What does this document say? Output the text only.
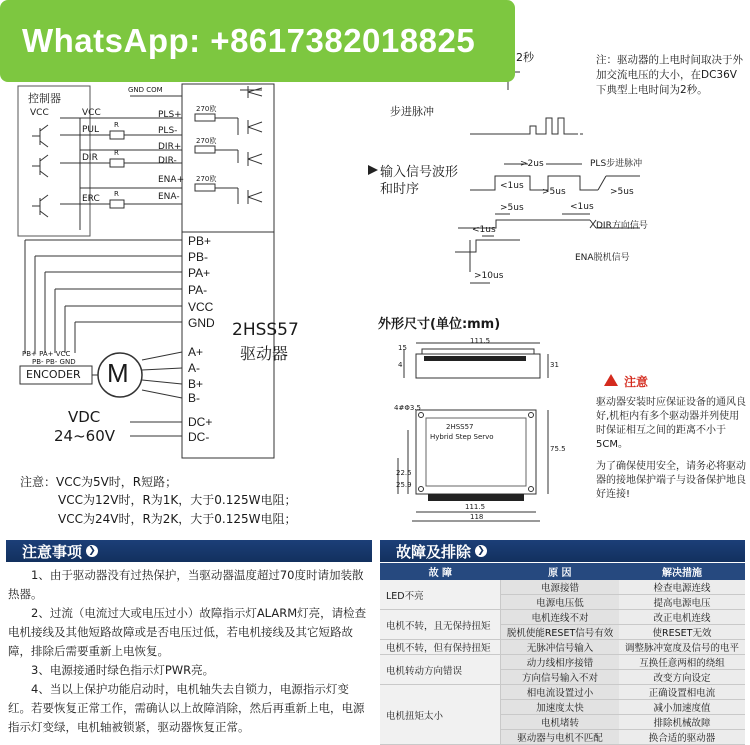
WhatsApp: +8617382018825
控制器
GND COM
VCC	VCC
PUL
DIR
ERC
R
R
R
PLS+
PLS-
DIR+
DIR-
ENA+
ENA-
270欧
270欧
270欧
PB+
PB-
PA+
PA-
VCC
GND
A+
A-
B+
B-
DC+
DC-
2HSS57
驱动器
PB+ PA+ VCC
PB- PB- GND
ENCODER M
VDC
24~60V
注意：VCC为5V时，R短路；
VCC为12V时，R为1K，大于0.125W电阻；
VCC为24V时，R为2K，大于0.125W电阻；
2秒
步进脉冲
注：驱动器的上电时间取决于外加交流电压的大小，在DC36V下典型上电时间为2秒。
输入信号波形和时序
>2us	PLS步进脉冲
<1us
>5us	>5us
>5us	<1us
DIR方向信号
<1us
ENA脱机信号
>10us
外形尺寸(单位:mm)
111.5
15
31
4
4#Φ3.5
2HSS57
Hybrid Step Servo
75.5
22.5
25.9
111.5
118
注意
驱动器安装时应保证设备的通风良好,机柜内有多个驱动器并列使用时保证相互之间的距离不小于5CM。
为了确保使用安全，请务必将驱动器的接地保护端子与设备保护地良好连接!
注意事项 ❯

1、由于驱动器没有过热保护，当驱动器温度超过70度时请加装散热器。

2、过流（电流过大或电压过小）故障指示灯ALARM灯亮，请检查电机接线及其他短路故障或是否电压过低，若电机接线及其它短路故障，排除后需要重新上电恢复。

3、电源接通时绿色指示灯PWR亮。

4、当以上保护功能启动时，电机轴失去自锁力，电源指示灯变红。若要恢复正常工作，需确认以上故障消除，然后再重新上电，电源指示灯变绿，电机轴被锁紧，驱动器恢复正常。

故障及排除 ❯
故 障	原 因	解决措施
LED不亮	电源接错	检查电源连线
	电源电压低	提高电源电压
电机不转，且无保持扭矩	电机连线不对	改正电机连线
	脱机使能RESET信号有效	使RESET无效
电机不转，但有保持扭矩	无脉冲信号输入	调整脉冲宽度及信号的电平
电机转动方向错误	动力线相序接错	互换任意两相的绕组
	方向信号输入不对	改变方向设定
电机扭矩太小	相电流设置过小	正确设置相电流
	加速度太快	减小加速度值
	电机堵转	排除机械故障
	驱动器与电机不匹配	换合适的驱动器
